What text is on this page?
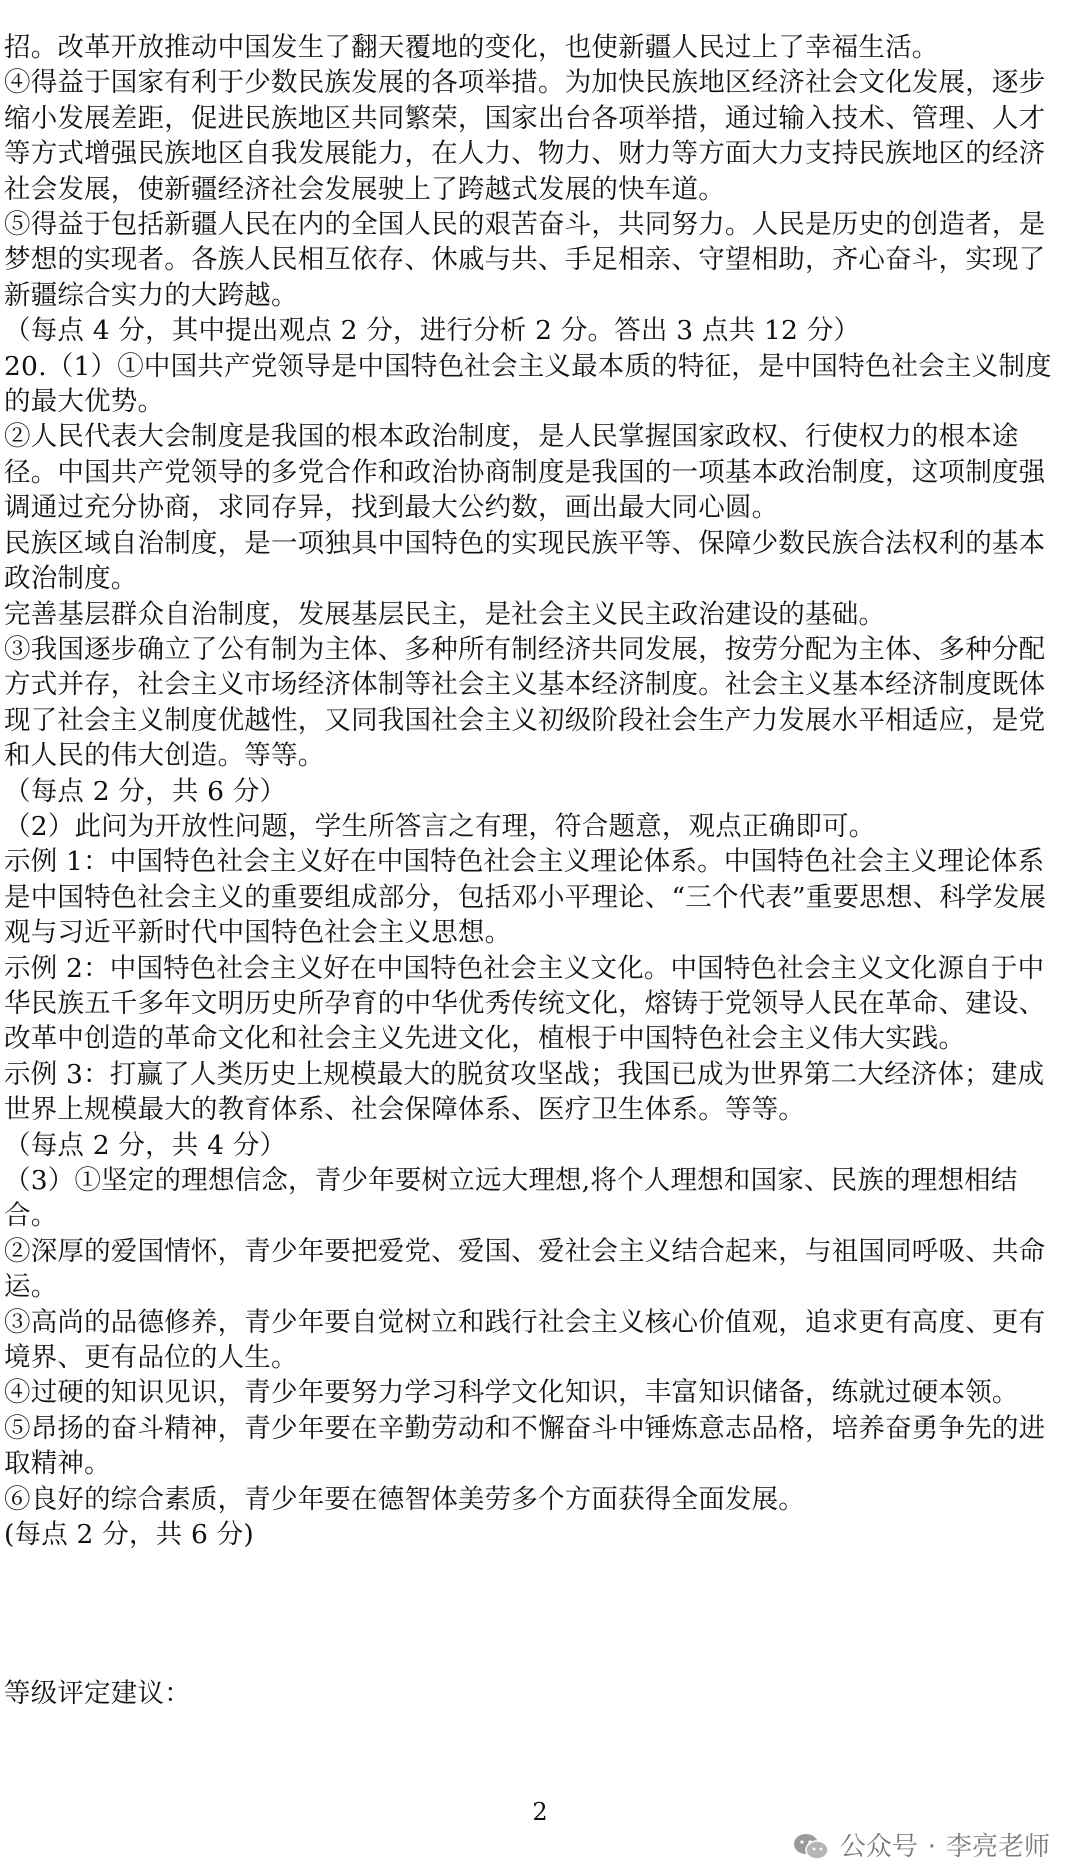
招。改革开放推动中国发生了翻天覆地的变化，也使新疆人民过上了幸福生活。

④得益于国家有利于少数民族发展的各项举措。为加快民族地区经济社会文化发展，逐步缩小发展差距，促进民族地区共同繁荣，国家出台各项举措，通过输入技术、管理、人才等方式增强民族地区自我发展能力，在人力、物力、财力等方面大力支持民族地区的经济社会发展，使新疆经济社会发展驶上了跨越式发展的快车道。

⑤得益于包括新疆人民在内的全国人民的艰苦奋斗，共同努力。人民是历史的创造者，是梦想的实现者。各族人民相互依存、休戚与共、手足相亲、守望相助，齐心奋斗，实现了新疆综合实力的大跨越。

（每点 4 分，其中提出观点 2 分，进行分析 2 分。答出 3 点共 12 分）

20.（1）①中国共产党领导是中国特色社会主义最本质的特征，是中国特色社会主义制度的最大优势。

②人民代表大会制度是我国的根本政治制度，是人民掌握国家政权、行使权力的根本途径。中国共产党领导的多党合作和政治协商制度是我国的一项基本政治制度，这项制度强调通过充分协商，求同存异，找到最大公约数，画出最大同心圆。

民族区域自治制度，是一项独具中国特色的实现民族平等、保障少数民族合法权利的基本政治制度。

完善基层群众自治制度，发展基层民主，是社会主义民主政治建设的基础。

③我国逐步确立了公有制为主体、多种所有制经济共同发展，按劳分配为主体、多种分配方式并存，社会主义市场经济体制等社会主义基本经济制度。社会主义基本经济制度既体现了社会主义制度优越性，又同我国社会主义初级阶段社会生产力发展水平相适应，是党和人民的伟大创造。等等。

（每点 2 分，共 6 分）

（2）此问为开放性问题，学生所答言之有理，符合题意，观点正确即可。

示例 1：中国特色社会主义好在中国特色社会主义理论体系。中国特色社会主义理论体系是中国特色社会主义的重要组成部分，包括邓小平理论、“三个代表”重要思想、科学发展观与习近平新时代中国特色社会主义思想。

示例 2：中国特色社会主义好在中国特色社会主义文化。中国特色社会主义文化源自于中华民族五千多年文明历史所孕育的中华优秀传统文化，熔铸于党领导人民在革命、建设、改革中创造的革命文化和社会主义先进文化，植根于中国特色社会主义伟大实践。

示例 3：打赢了人类历史上规模最大的脱贫攻坚战；我国已成为世界第二大经济体；建成世界上规模最大的教育体系、社会保障体系、医疗卫生体系。等等。

（每点 2 分，共 4 分）

（3）①坚定的理想信念，青少年要树立远大理想,将个人理想和国家、民族的理想相结合。

②深厚的爱国情怀，青少年要把爱党、爱国、爱社会主义结合起来，与祖国同呼吸、共命运。

③高尚的品德修养，青少年要自觉树立和践行社会主义核心价值观，追求更有高度、更有境界、更有品位的人生。

④过硬的知识见识，青少年要努力学习科学文化知识，丰富知识储备，练就过硬本领。

⑤昂扬的奋斗精神，青少年要在辛勤劳动和不懈奋斗中锤炼意志品格，培养奋勇争先的进取精神。

⑥良好的综合素质，青少年要在德智体美劳多个方面获得全面发展。

(每点 2 分，共 6 分)

等级评定建议：

2
公众号 · 李亮老师
